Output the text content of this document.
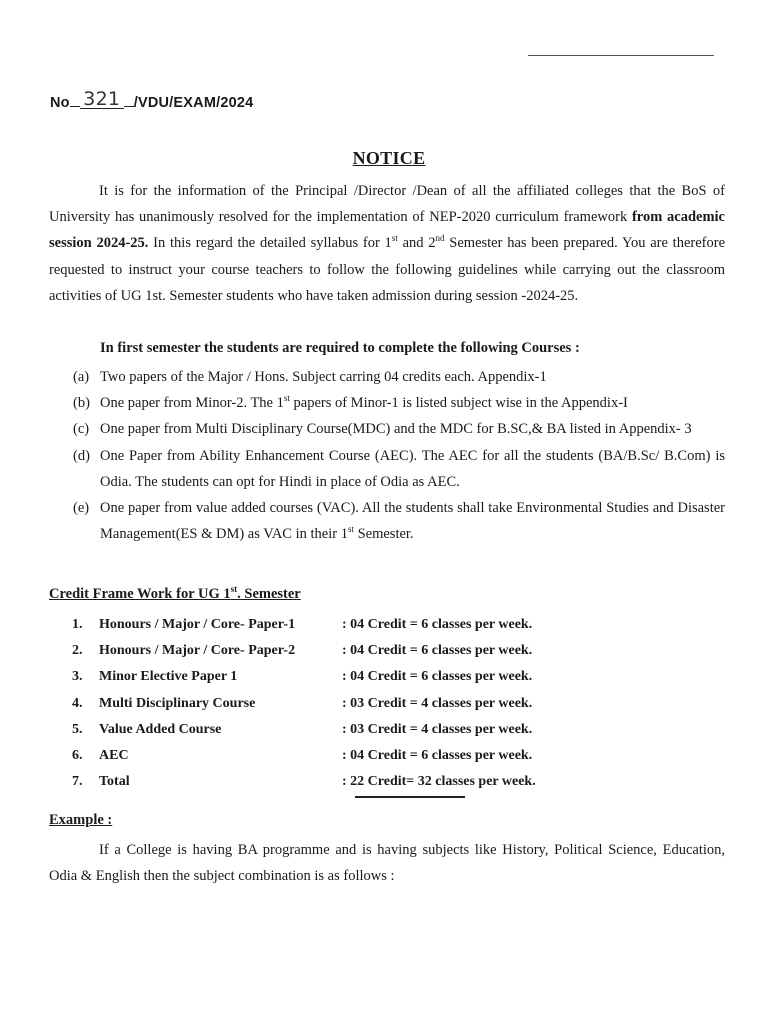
No 321 /VDU/EXAM/2024
NOTICE

It is for the information of the Principal /Director /Dean of all the affiliated colleges that the BoS of University has unanimously resolved for the implementation of NEP-2020 curriculum framework from academic session 2024-25. In this regard the detailed syllabus for 1st and 2nd Semester has been prepared. You are therefore requested to instruct your course teachers to follow the following guidelines while carrying out the classroom activities of UG 1st. Semester students who have taken admission during session -2024-25.

In first semester the students are required to complete the following Courses :
(a) Two papers of the Major / Hons. Subject carring 04 credits each. Appendix-1
(b) One paper from Minor-2. The 1st papers of Minor-1 is listed subject wise in the Appendix-I
(c) One paper from Multi Disciplinary Course(MDC) and the MDC for B.SC,& BA listed in Appendix- 3
(d) One Paper from Ability Enhancement Course (AEC). The AEC for all the students (BA/B.Sc/ B.Com) is Odia. The students can opt for Hindi in place of Odia as AEC.
(e) One paper from value added courses (VAC). All the students shall take Environmental Studies and Disaster Management(ES & DM) as VAC in their 1st Semester.
Credit Frame Work for UG 1st. Semester
1.	Honours / Major / Core- Paper-1	: 04 Credit = 6 classes per week.
2.	Honours / Major / Core- Paper-2	: 04 Credit = 6 classes per week.
3.	Minor Elective Paper 1	: 04 Credit = 6 classes per week.
4.	Multi Disciplinary Course	: 03 Credit = 4 classes per week.
5.	Value Added Course	: 03 Credit = 4 classes per week.
6.	AEC	: 04 Credit = 6 classes per week.
7.	Total	: 22 Credit= 32 classes per week.
Example :
If a College is having BA programme and is having subjects like History, Political Science, Education, Odia & English then the subject combination is as follows :
